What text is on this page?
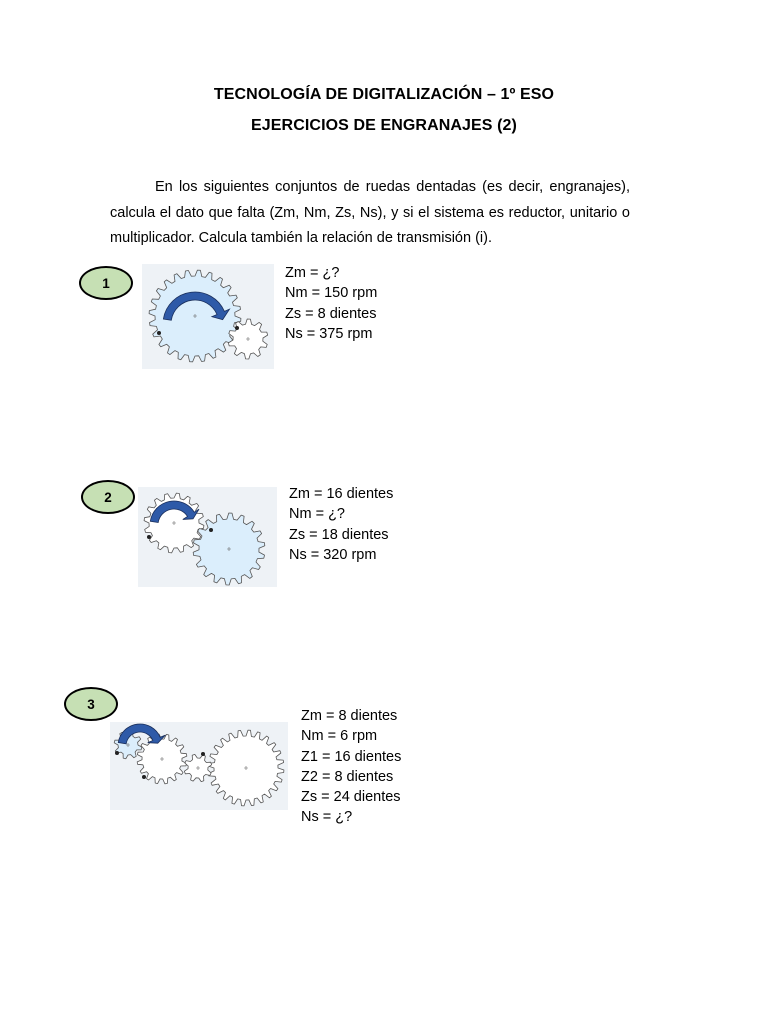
TECNOLOGÍA DE DIGITALIZACIÓN – 1º ESO
EJERCICIOS DE ENGRANAJES (2)
En los siguientes conjuntos de ruedas dentadas (es decir, engranajes), calcula el dato que falta (Zm, Nm, Zs, Ns), y si el sistema es reductor, unitario o multiplicador. Calcula también la relación de transmisión (i).
1
Zm = ¿?
Nm = 150 rpm
Zs = 8 dientes
Ns = 375 rpm
2	Zm = 16 dientes
Nm = ¿?
Zs = 18 dientes
Ns = 320 rpm
3
Zm = 8 dientes
Nm = 6 rpm
Z1 = 16 dientes
Z2 = 8 dientes
Zs = 24 dientes
Ns = ¿?
